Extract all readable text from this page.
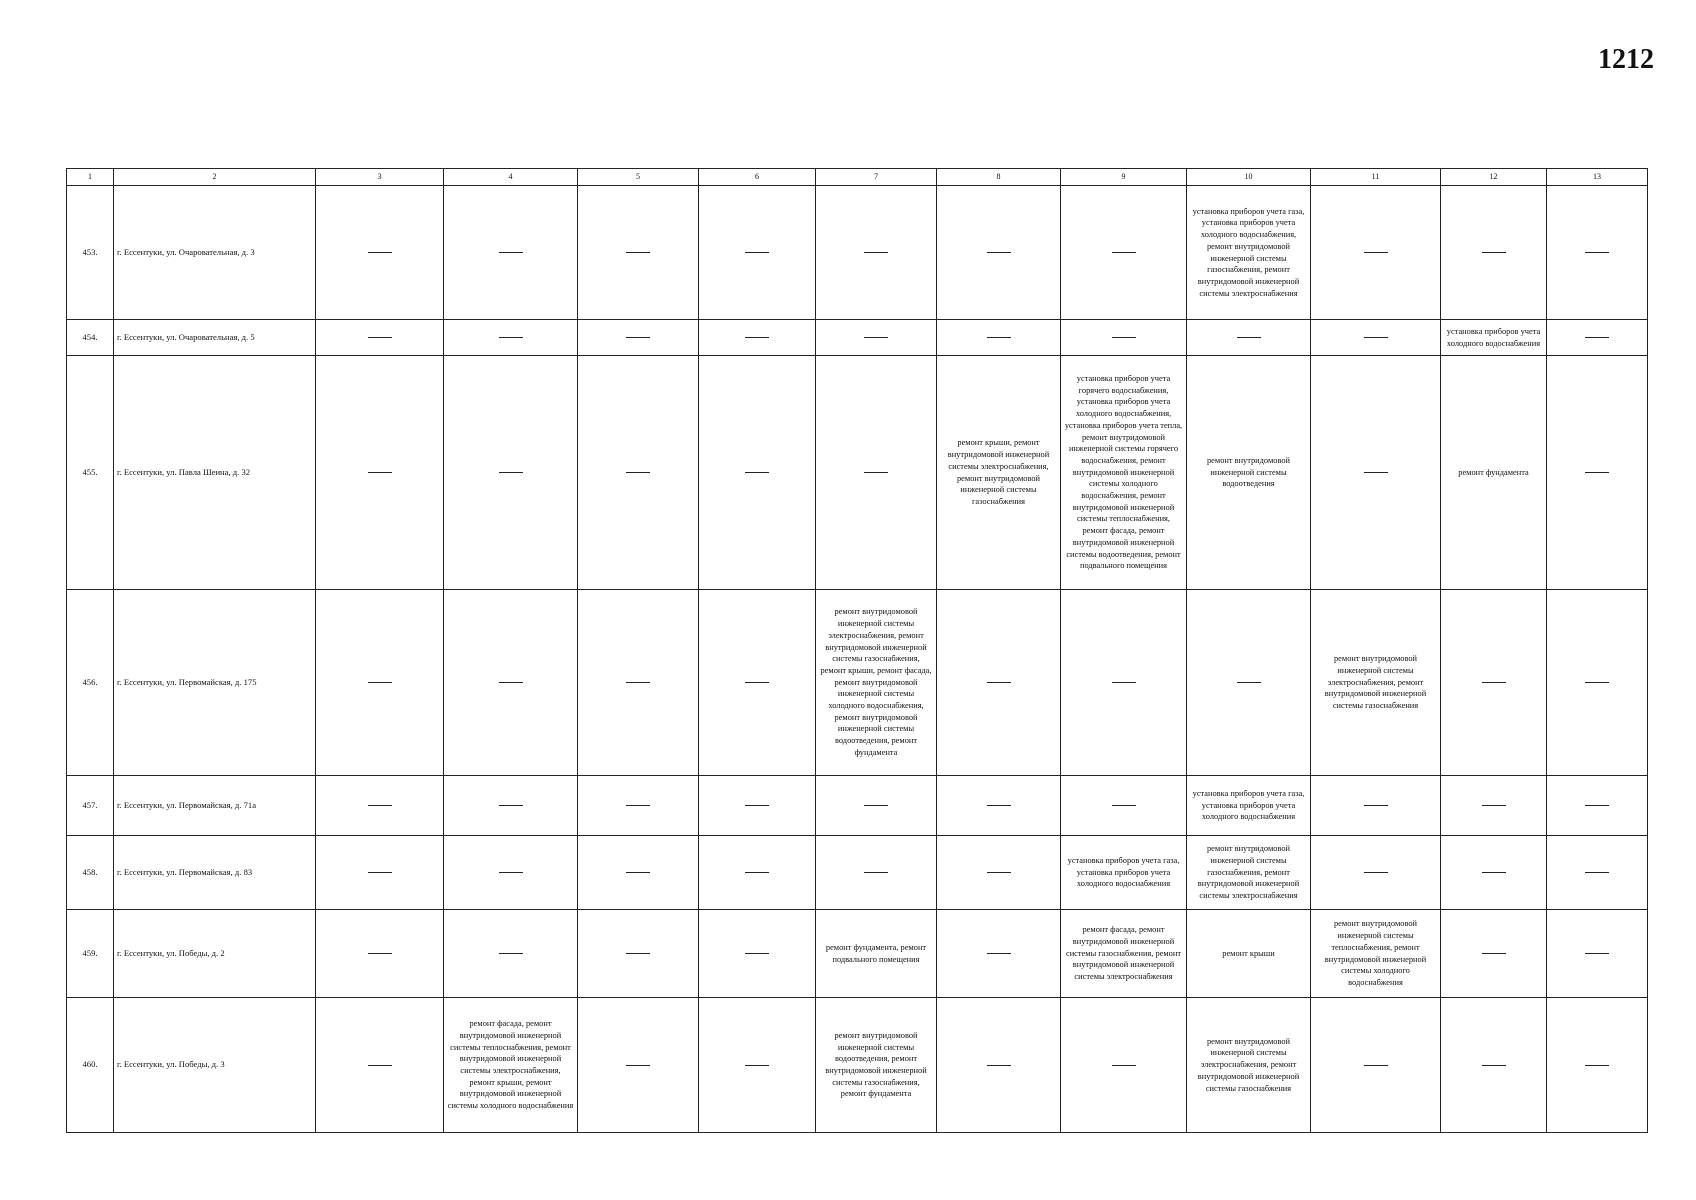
1212
1	2	3	4	5	6	7	8	9	10	11	12	13
453.	г. Ессентуки, ул. Очаровательная, д. 3								установка приборов учета газа, установка приборов учета холодного водоснабжения, ремонт внутридомовой инженерной системы газоснабжения, ремонт внутридомовой инженерной системы электроснабжения			

454.	г. Ессентуки, ул. Очаровательная, д. 5										установка приборов учета холодного водоснабжения	

455.	г. Ессентуки, ул. Павла Шеина, д. 32						ремонт крыши, ремонт внутридомовой инженерной системы электроснабжения, ремонт внутридомовой инженерной системы газоснабжения	установка приборов учета горячего водоснабжения, установка приборов учета холодного водоснабжения, установка приборов учета тепла, ремонт внутридомовой инженерной системы горячего водоснабжения, ремонт внутридомовой инженерной системы холодного водоснабжения, ремонт внутридомовой инженерной системы теплоснабжения, ремонт фасада, ремонт внутридомовой инженерной системы водоотведения, ремонт подвального помещения	ремонт внутридомовой инженерной системы водоотведения		ремонт фундамента	

456.	г. Ессентуки, ул. Первомайская, д. 175					ремонт внутридомовой инженерной системы электроснабжения, ремонт внутридомовой инженерной системы газоснабжения, ремонт крыши, ремонт фасада, ремонт внутридомовой инженерной системы холодного водоснабжения, ремонт внутридомовой инженерной системы водоотведения, ремонт фундамента				ремонт внутридомовой инженерной системы электроснабжения, ремонт внутридомовой инженерной системы газоснабжения		

457.	г. Ессентуки, ул. Первомайская, д. 71а								установка приборов учета газа, установка приборов учета холодного водоснабжения			

458.	г. Ессентуки, ул. Первомайская, д. 83							установка приборов учета газа, установка приборов учета холодного водоснабжения	ремонт внутридомовой инженерной системы газоснабжения, ремонт внутридомовой инженерной системы электроснабжения			

459.	г. Ессентуки, ул. Победы, д. 2					ремонт фундамента, ремонт подвального помещения		ремонт фасада, ремонт внутридомовой инженерной системы газоснабжения, ремонт внутридомовой инженерной системы электроснабжения	ремонт крыши	ремонт внутридомовой инженерной системы теплоснабжения, ремонт внутридомовой инженерной системы холодного водоснабжения		

460.	г. Ессентуки, ул. Победы, д. 3		ремонт фасада, ремонт внутридомовой инженерной системы теплоснабжения, ремонт внутридомовой инженерной системы электроснабжения, ремонт крыши, ремонт внутридомовой инженерной системы холодного водоснабжения			ремонт внутридомовой инженерной системы водоотведения, ремонт внутридомовой инженерной системы газоснабжения, ремонт фундамента			ремонт внутридомовой инженерной системы электроснабжения, ремонт внутридомовой инженерной системы газоснабжения			
